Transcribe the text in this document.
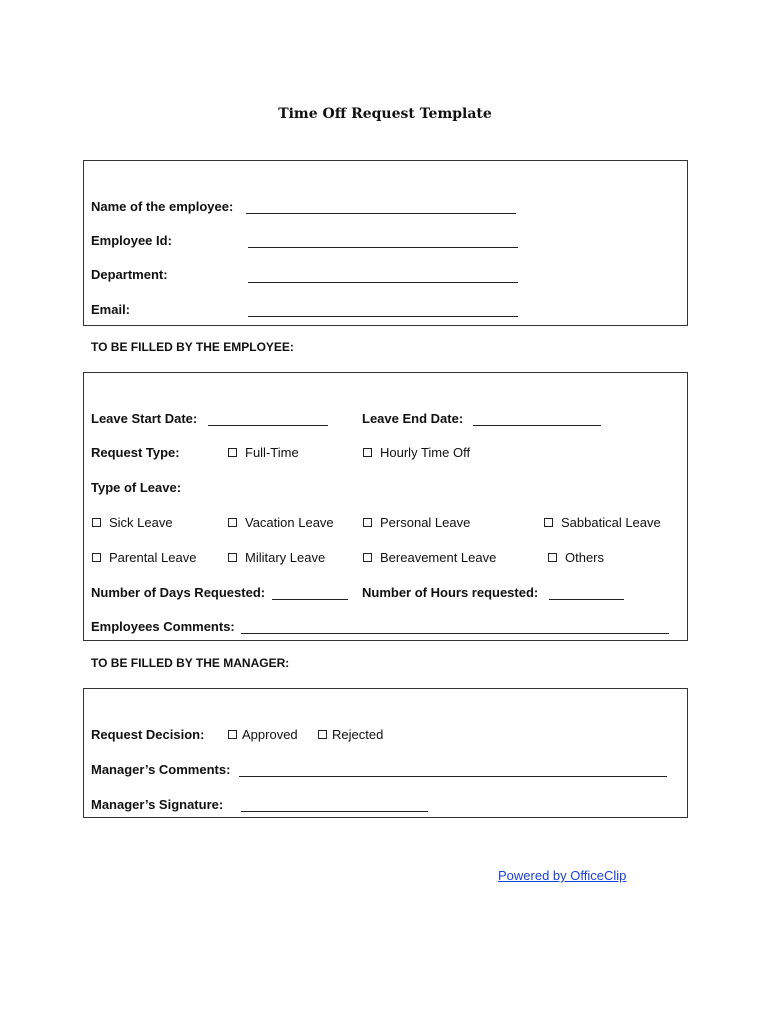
Time Off Request Template
Name of the employee:
Employee Id:
Department:
Email:
TO BE FILLED BY THE EMPLOYEE:
Leave Start Date:	Leave End Date:
Request Type:	Full-Time	Hourly Time Off
Type of Leave:
Sick Leave	Vacation Leave	Personal Leave	Sabbatical Leave
Parental Leave	Military Leave	Bereavement Leave	Others
Number of Days Requested:	Number of Hours requested:
Employees Comments:
TO BE FILLED BY THE MANAGER:
Request Decision:	Approved	Rejected
Manager’s Comments:
Manager’s Signature:
Powered by OfficeClip
